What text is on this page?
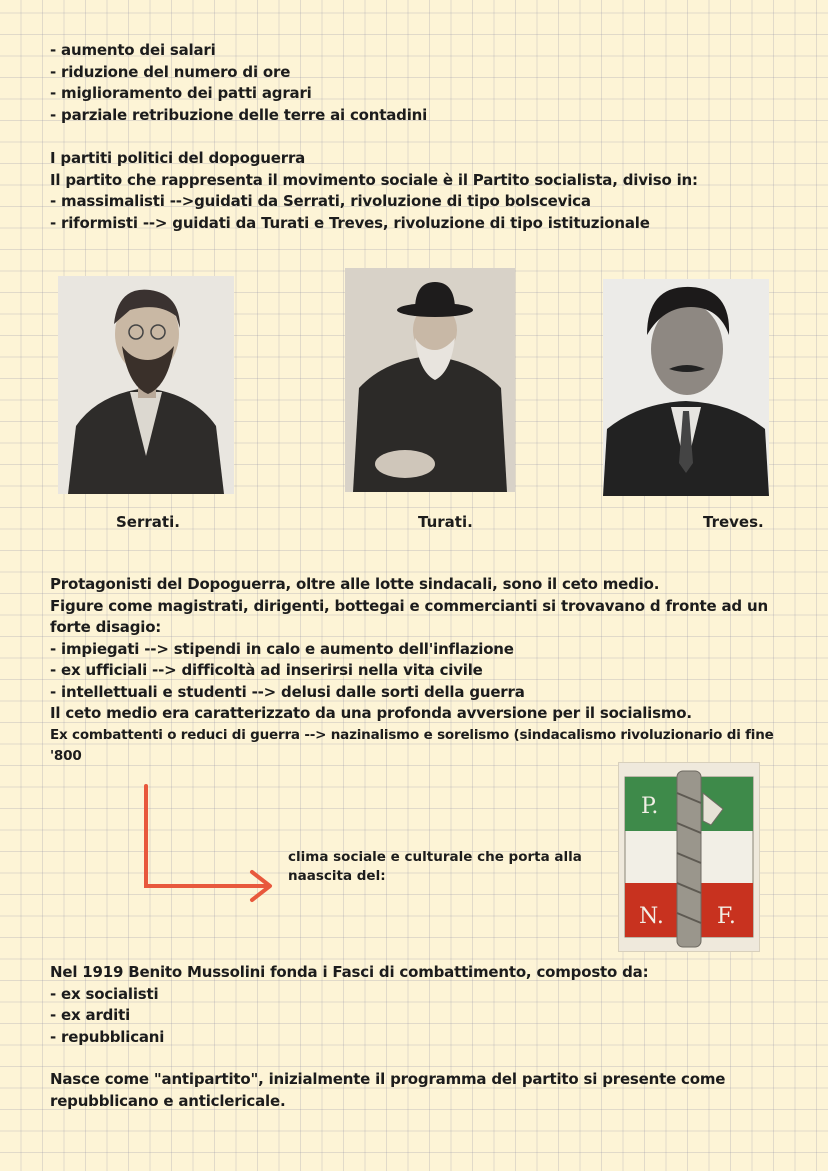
- aumento dei salari
- riduzione del numero di ore
- miglioramento dei patti agrari
- parziale retribuzione delle terre ai contadini
I partiti politici del dopoguerra
Il partito che rappresenta il movimento sociale è il Partito socialista, diviso in:
- massimalisti -->guidati da Serrati, rivoluzione di tipo bolscevica
- riformisti --> guidati da Turati e Treves, rivoluzione di tipo istituzionale
Serrati.	Turati.	Treves.
Protagonisti del Dopoguerra, oltre alle lotte sindacali, sono il ceto medio.
Figure come magistrati, dirigenti, bottegai e commercianti si trovavano d fronte ad un
forte disagio:
- impiegati --> stipendi in calo e aumento dell'inflazione
- ex ufficiali --> difficoltà ad inserirsi nella vita civile
- intellettuali e studenti --> delusi dalle sorti della guerra
Il ceto medio era caratterizzato da una profonda avversione per il socialismo.
Ex combattenti o reduci di guerra --> nazinalismo e sorelismo (sindacalismo rivoluzionario di fine
'800
clima sociale e culturale che porta alla
naascita del:
P.
N. F.
Nel 1919 Benito Mussolini fonda i Fasci di combattimento, composto da:
- ex socialisti
- ex arditi
- repubblicani
Nasce come "antipartito", inizialmente il programma del partito si presente come
repubblicano e anticlericale.
